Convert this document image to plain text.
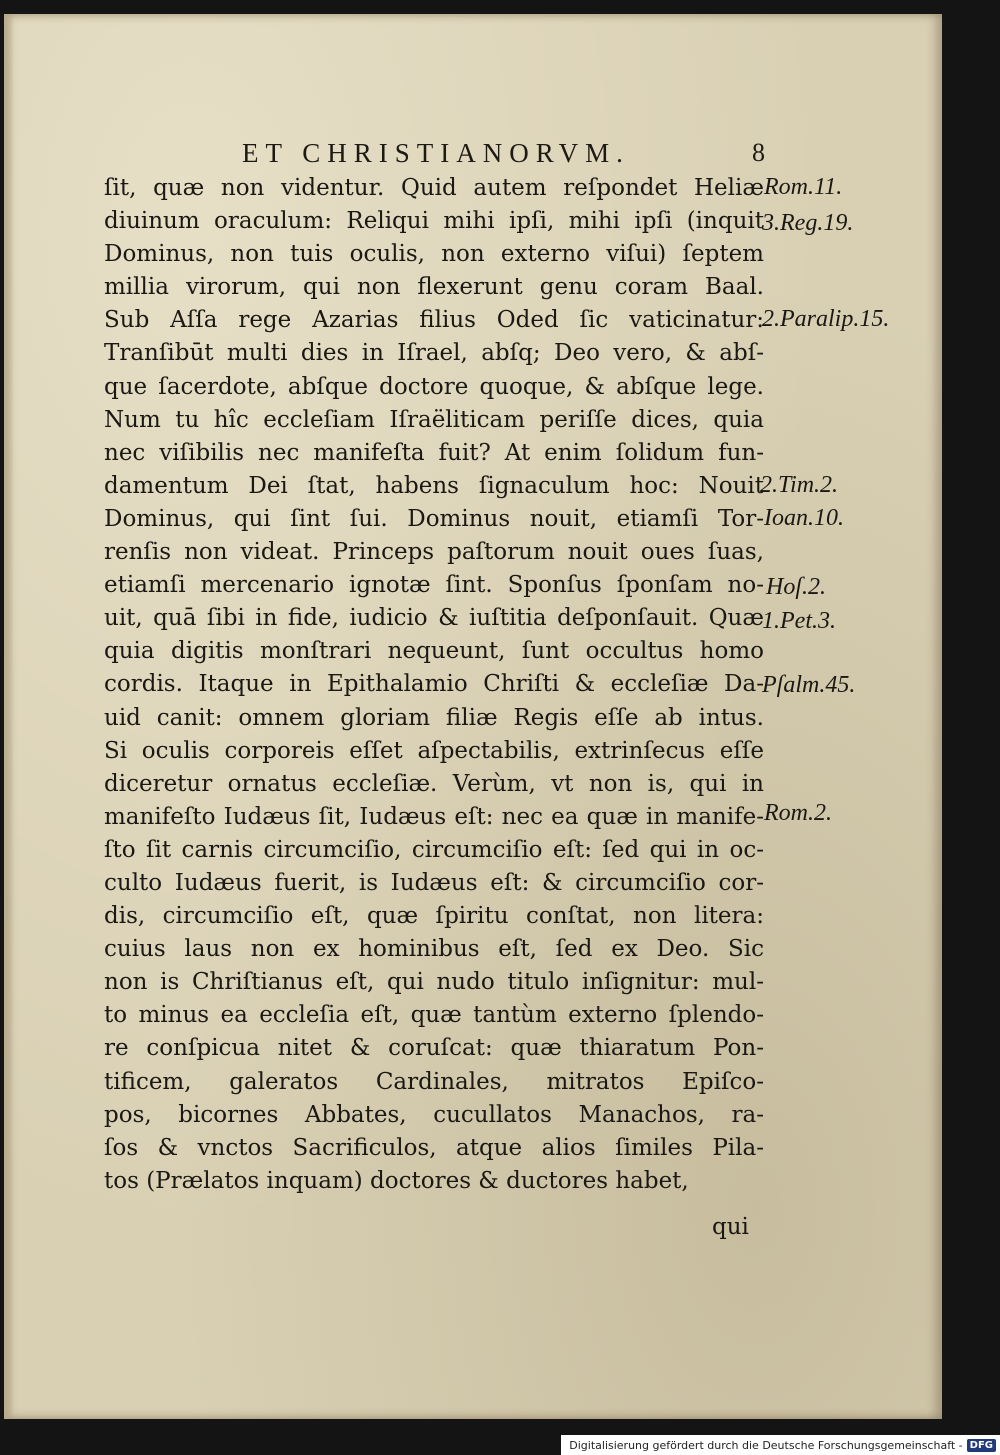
ET CHRISTIANORVM.	8
ſit, quæ non videntur. Quid autem reſpondet Heliæ
diuinum oraculum: Reliqui mihi ipſi, mihi ipſi (inquit
Dominus, non tuis oculis, non externo viſui) ſeptem
millia virorum, qui non flexerunt genu coram Baal.
Sub Aſſa rege Azarias filius Oded ſic vaticinatur:
Tranſibūt multi dies in Iſrael, abſq; Deo vero, & abſ-
que ſacerdote, abſque doctore quoque, & abſque lege.
Num tu hîc eccleſiam Iſraëliticam periſſe dices, quia
nec viſibilis nec manifeſta fuit? At enim ſolidum fun-
damentum Dei ſtat, habens ſignaculum hoc: Nouit
Dominus, qui ſint ſui. Dominus nouit, etiamſi Tor-
renſis non videat. Princeps paſtorum nouit oues ſuas,
etiamſi mercenario ignotæ ſint. Sponſus ſponſam no-
uit, quā ſibi in fide, iudicio & iuſtitia deſponſauit. Quæ
quia digitis monſtrari nequeunt, ſunt occultus homo
cordis. Itaque in Epithalamio Chriſti & eccleſiæ Da-
uid canit: omnem gloriam filiæ Regis eſſe ab intus.
Si oculis corporeis eſſet aſpectabilis, extrinſecus eſſe
diceretur ornatus eccleſiæ. Verùm, vt non is, qui in
manifeſto Iudæus ſit, Iudæus eſt: nec ea quæ in manife-
ſto ſit carnis circumciſio, circumciſio eſt: ſed qui in oc-
culto Iudæus fuerit, is Iudæus eſt: & circumciſio cor-
dis, circumciſio eſt, quæ ſpiritu conſtat, non litera:
cuius laus non ex hominibus eſt, ſed ex Deo. Sic
non is Chriſtianus eſt, qui nudo titulo inſignitur: mul-
to minus ea eccleſia eſt, quæ tantùm externo ſplendo-
re conſpicua nitet & coruſcat: quæ thiaratum Pon-
tificem, galeratos Cardinales, mitratos Epiſco-
pos, bicornes Abbates, cucullatos Manachos, ra-
ſos & vnctos Sacrificulos, atque alios ſimiles Pila-
tos (Prælatos inquam) doctores & ductores habet,
qui
Rom.11.
3.Reg.19.
2.Paralip.15.
2.Tim.2.
Ioan.10.
Hoſ.2.
1.Pet.3.
Pſalm.45.
Rom.2.
Digitalisierung gefördert durch die Deutsche Forschungsgemeinschaft - DFG
